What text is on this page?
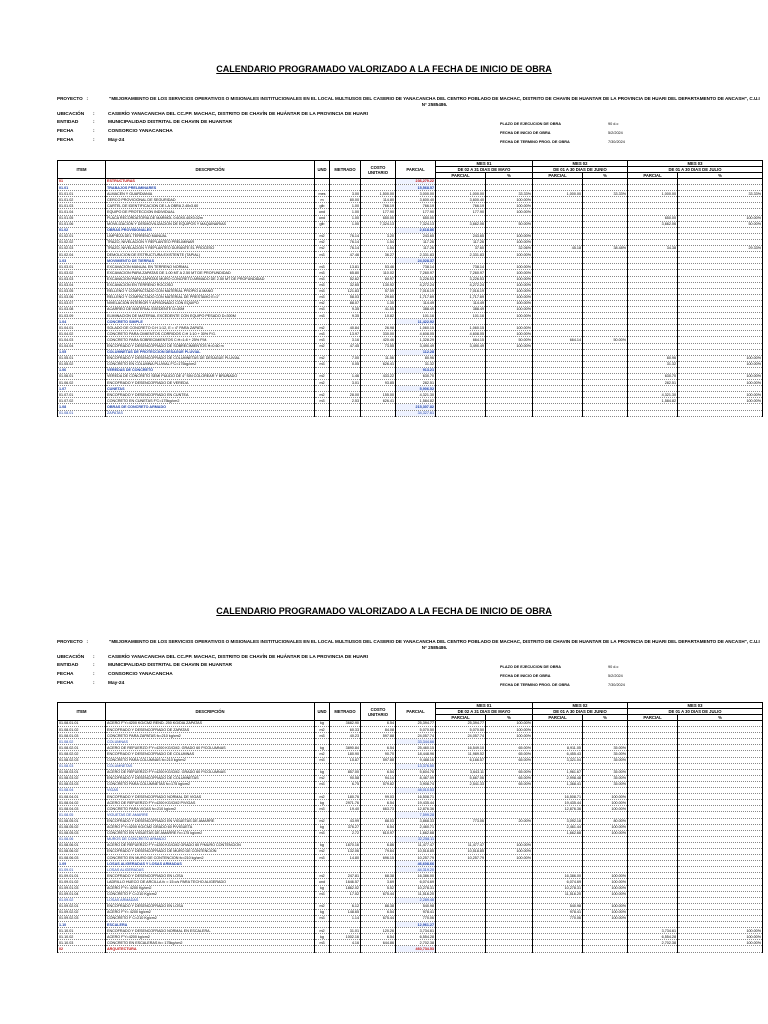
CALENDARIO PROGRAMADO VALORIZADO A LA FECHA DE INICIO DE OBRA
PROYECTO :	"MEJORAMIENTO DE LOS SERVICIOS OPERATIVOS O MISIONALES INSTITUCIONALES EN EL LOCAL MULTIUSOS DEL CASERIO DE YANACANCHA DEL CENTRO POBLADO DE MACHAC, DISTRITO DE CHAVIN DE HUANTAR DE LA PROVINCIA DE HUARI DEL DEPARTAMENTO DE ANCASH", C.U.I N° 2585486.
UBICACIÓN :	CASERÍO YANACANCHA DEL CC.PP. MACHAC, DISTRITO DE CHAVÍN DE HUÁNTAR DE LA PROVINCIA DE HUARI
ENTIDAD	:	MUNICIPALIDAD DISTRITAL DE CHAVIN DE HUANTAR
FECHA	:	CONSORCIO YANACANCHA
FECHA	:	May-24
PLAZO DE EJECUCION DE OBRA	90 d.c
FECHA DE INICIO DE OBRA	5/2/2024
FECHA DE TERMINO PROG. DE OBRA	7/30/2024
ITEM	DESCRIPCIÓN	UND	METRADO	COSTO UNITARIO	PARCIAL	MES 01		MES 02		MES 03	
						DE 02 A 31 DIAS DE MAYO		DE 01 A 30 DIAS DE JUNIO		DE 01 A 30 DIAS DE JULIO	
						PARCIAL	%	PARCIAL	%	PARCIAL	%
01	ESTRUCTURAS				236,279.22						
01.01	TRABAJOS PRELIMINARES				15,568.57						
01.01.01	ALMACEN Y GUARDIANIA	mes	3.00	1,500.00	3,000.00	1,000.00	33.33%	1,000.00	33.33%	1,000.00	33.33%
01.01.02	CERCO PROVICIONAL DE SEGURIDAD	m	80.00	114.80	3,600.40	3,600.40	100.00%				
01.01.03	CARTEL DE IDENTIFICACION DE LA OBRA 2.40x3.60	glb	1.00	766.19	766.19	766.19	100.00%				
01.01.04	EQUIPO DE PROTECCION INDIVIDUAL	und	1.00	177.90	177.90	177.90	100.00%				
01.01.05	PLACA RECORDATORIA DE MARMOL 0.60X0.40X0.02m	und	1.00	650.00	650.00					650.00	100.00%
01.01.06	MOVILIZACION Y DESMOVILIZACION DE EQUIPOS Y MAQUINARIAS	glb	1.00	7,324.13	7,324.13	3,662.06	50.00%			3,662.06	50.00%
01.02	OBRAS PROVISIONALES				2,618.86						
01.02.01	LIMPIEZA DEL TERRENO MANUAL	m2	76.14	3.20	243.65	243.65	100.00%				
01.02.02	TRAZO, NIVELACION Y REPLANTEO PRELIMINAR	m2	76.14	1.54	117.26	117.26	100.00%				
01.02.03	TRAZO, NIVELACION Y REPLANTEO DURANTE EL PROCESO	m2	76.14	1.54	117.26	37.60	32.06%	45.18	38.48%	34.38	29.33%
01.02.04	DEMOLICION DE ESTRUCTURA EXISTENTE (TAPIAL)	m3	47.46	36.27	2,331.83	2,331.83	100.00%				
1.03	MOVIMIENTO DE TIERRAS				24,028.37						
01.03.01	EXCAVACION MANUAL EN TERRENO NORMAL	m3	13.81	53.46	738.14	738.14	100.00%				
01.03.02	EXCAVACION PARA ZAPATAS DE 1.00 MT A 2.50 MT DE PROFUNDIDAD	m3	65.80	110.02	7,260.97	7,260.97	100.00%				
01.03.03	EXCAVACION PARA ZAPATAS MURO CONCRETO ARMADO DE 2.50 MT DE PROFUNDIDAD	m3	52.62	60.97	3,226.53	3,226.53	100.00%				
01.03.04	EXCAVACION EN TERRENO ROCOSO	m3	32.65	130.92	4,272.24	4,272.24	100.00%				
01.03.05	RELLENO Y COMPACTADO CON MATERIAL PROPIO A MANO	m3	121.83	57.59	7,016.19	7,016.19	100.00%				
01.03.06	RELLENO Y COMPACTADO CON MATERIAL DE PRESTAMO E=1"	m3	58.03	29.60	1,717.69	1,717.69	100.00%				
01.03.07	NIVELACION INTERIOR Y APISONADO CON EQUIPO	m2	88.07	1.30	114.49	114.49	100.00%				
01.03.08	ACARREO DE MATERIAL EXEDENTE D=30M	m3	9.35	41.55	388.49	388.49	100.00%				
01.03.09	ELIMINACION DE MATERIAL EXCEDENTE CON EQUIPO PESADO D=300M	m3	9.35	10.82	101.16	101.16	100.00%				
1.04	CONCRETO SIMPLE				11,422.92						
01.04.01	SOLADO DE CONCRETO C:H 1:12, E = 4" PARA ZAPATA	m2	40.84	26.98	1,060.15	1,060.15	100.00%				
01.04.02	CONCRETO PARA CIMIENTOS CORRIDOS C:H 1:10 + 30% P.G.	m3	13.97	330.00	4,608.05	4,608.05	100.00%				
01.04.03	CONCRETO PARA SOBRECIMIENTOS C:H=1:8 + 25% P.M.	m3	3.16	420.46	1,328.29	664.15	50.00%	664.14	50.00%		
01.04.04	ENCOFRADO Y DESENCOFRADO DE SOBRECIMIENTOS H=0.60 m	m2	47.45	73.55	3,490.49	3,490.49	100.00%				
1.05	COLUMNETAS DE PROTECCION DESAGUE PLUVIAL				112.28						
01.05.01	ENCOFRADO Y DESENCOFRADO DE COLUMNETAS DE DESAGUE PLUVIAL	m2	7.00	11.56	80.96					80.96	100.00%
01.05.02	CONCRETO EN COLUMNA PLUVIAL F'C=175kg/cm2	m3	0.05	626.41	31.32					31.32	100.00%
1.06	VEREDAS DE CONCRETO				913.21						
01.06.01	VEREDA DE CONCRETO SEMI PULIDO DE 4" SIN COLOREAR Y BRUÑADO	m2	1.46	433.22	630.70					630.70	100.00%
01.06.02	ENCOFRADO Y DESENCOFRADO DE VEREDA	m2	3.01	93.85	282.51					282.51	100.00%
1.07	CUNETAS				5,906.52						
01.07.01	ENCOFRADO Y DESENCOFRADO EN CUNTEA	m2	28.00	155.00	4,321.30					4,321.30	100.00%
01.07.02	CONCRETO EN CUNETAS F'C=175kg/cm2	m3	2.53	626.41	1,584.82					1,584.82	100.00%
1.08	OBRAS DE CONCRETO ARMADO				215,307.82						
01.08.01	ZAPATAS				34,327.61						
CALENDARIO PROGRAMADO VALORIZADO A LA FECHA DE INICIO DE OBRA
PROYECTO :	"MEJORAMIENTO DE LOS SERVICIOS OPERATIVOS O MISIONALES INSTITUCIONALES EN EL LOCAL MULTIUSOS DEL CASERIO DE YANACANCHA DEL CENTRO POBLADO DE MACHAC, DISTRITO DE CHAVIN DE HUANTAR DE LA PROVINCIA DE HUARI DEL DEPARTAMENTO DE ANCASH", C.U.I N° 2585486.
UBICACIÓN :	CASERÍO YANACANCHA DEL CC.PP. MACHAC, DISTRITO DE CHAVÍN DE HUÁNTAR DE LA PROVINCIA DE HUARI
ENTIDAD	:	MUNICIPALIDAD DISTRITAL DE CHAVIN DE HUANTAR
FECHA	:	CONSORCIO YANACANCHA
FECHA	:	May-24
PLAZO DE EJECUCION DE OBRA	90 d.c
FECHA DE INICIO DE OBRA	5/2/2024
FECHA DE TERMINO PROG. DE OBRA	7/30/2024
ITEM	DESCRIPCIÓN	UND	METRADO	COSTO UNITARIO	PARCIAL	MES 01		MES 02		MES 03	
						DE 02 A 31 DIAS DE MAYO		DE 01 A 30 DIAS DE JUNIO		DE 01 A 30 DIAS DE JULIO	
						PARCIAL	%	PARCIAL	%	PARCIAL	%
01.08.01.01	ACERO F'Y=4200 KG/CM2 REND. 250 KG/DIA ZAPATAS	kg	3682.90	6.54	25,394.77	25,394.77	100.00%				
01.08.01.02	ENCOFRADO Y DESENCOFRADO DE ZAPATAS	m2	60.33	84.08	5,070.50	5,070.50	100.00%				
01.08.01.03	CONCRETO PARA ZAPATAS fc=210 kg/cm2	m3	40.23	597.88	24,057.74	24,057.74	100.00%				
01.08.02	COLUMNAS				33,344.66						
01.08.02.01	ACERO DE REFUERZO F'Y=4200 KG/CM2. GRADO 60 P/COLUMNAS	kg	3890.84	6.54	25,460.15	16,549.10	65.00%	8,911.05	35.00%		
01.08.02.02	ENCOFRADO Y DESENCOFRADO DE COLUMNAS	m2	180.90	90.70	18,448.96	11,989.52	65.00%	6,455.43	35.00%		
01.08.02.03	CONCRETO PARA COLUMNAS fc=210 kg/cm2	m3	15.87	597.88	9,488.16	6,166.57	65.00%	3,321.04	35.00%		
01.08.03	COLUMNETAS				13,376.50						
01.08.03.01	ACERO DE REFUERZO F'Y=4200 KG/CM2. GRADO 60 P/COLUMNAS	kg	857.00	6.54	5,604.78	3,643.11	65.00%	1,961.67	35.00%		
01.08.03.02	ENCOFRADO Y DESENCOFRADO DE COLUMNETAS	m2	90.58	94.14	8,467.09	5,667.06	65.00%	2,998.48	35.00%		
01.08.03.03	CONCRETO PARA COLUMNETAS fc=175 kg/cm2	m3	6.75	579.82	3,908.74	2,541.33	65.00%	1,368.41	35.00%		
01.08.04	VIGAS				48,010.53						
01.08.04.01	ENCOFRADO Y DESENCOFRADO NORMAL DE VIGAS	m2	180.76	99.03	16,508.71			16,508.71	100.00%		
01.08.04.02	ACERO DE REFUERZO F'Y=4200 KG/CM2 P/VIGAS	kg	2971.76	6.54	19,435.44			19,435.44	100.00%		
01.08.04.03	CONCRETO PARA VIGAS fc=210 kg/cm2	m3	19.40	663.73	12,876.36			12,876.36	100.00%		
01.08.05	VIGUETAS DE AMARRE				7,599.28						
01.08.05.01	ENCOFRADO Y DESENCOFRADO EN VIGUETAS DE AMARRE	m2	43.99	88.03	3,868.33	773.06	20.00%	3,092.18	80.00%		
01.08.05.02	ACERO F'Y=4200 KG/CM2 GRADO 60 P/VIGUETA	kg	376.27	6.54	2,460.71			2,461.44	100.00%		
01.08.05.03	CONCRETO EN VIGUETAS DE AMARRE f'c=175 kg/cm2	m3	2.72	610.97	1,662.68			1,662.68	100.00%		
01.08.06	MUROS DE CONCRETO ARMADO				32,258.11						
01.08.06.01	ACERO DE REFUERZO F'Y=4200 KG/CM2 GRADO 60 P/MURO CONTENCION	kg	1670.16	6.86	11,477.47	11,477.47	100.00%				
01.08.06.02	ENCOFRADO Y DESENCOFRADO DE MURO DE CONTENCION	m2	132.06	79.64	10,518.85	10,518.85	100.00%				
01.08.06.03	CONCRETO EN MURO DE CONTENCION fc=210 kg/cm2	m3	14.80	696.15	10,257.79	10,257.79	100.00%				
1.09	LOSAS ALIGERADAS Y LOSAS ARMADAS				46,608.66						
01.09.01	LOSAS ALIGERADAS				44,319.20						
01.09.01.01	ENCOFRADO Y DESENCOFRADO EN LOSA	m2	247.81	68.38	16,386.00			16,386.00	100.00%		
01.09.01.02	LADRILLO HUECO DE ARCILLA fc = 15 c/s PARA TECHO ALIGERADO	und	1646.57	3.69	6,074.69			6,074.69	100.00%		
01.09.01.03	ACERO F'Y= 4200 Kg/cm2	kg	1862.02	5.52	10,278.31			10,278.31	100.00%		
01.09.01.04	CONCRETO F C=210 Kg/cm2	m3	17.02	675.44	11,516.20			11,516.20	100.00%		
01.09.02	LOSAS ARMADAS				2,289.46						
01.09.02.01	ENCOFRADO Y DESENCOFRADO EN LOSA	m2	6.12	88.38	540.98			540.98	100.00%		
01.09.02.02	ACERO F'Y= 4200 kg/cm2	kg	148.65	6.54	978.41			978.41	100.00%		
01.09.02.03	CONCRETO F C=210 Kg/cm2	m3	1.14	675.44	770.06			770.06	100.00%		
1.10	ESCALERA				12,961.27						
01.10.01	ENCOFRADO Y DESENCOFRADO NORMAL EN ESCALERA.	m2	31.01	120.26	3,734.61					3,734.61	100.00%
01.10.02	ACERO F'Y=4200 kg/cm2	kg	1002.16	6.54	6,554.28					6,554.28	100.00%
01.10.03	CONCRETO EN ESCALERAS fc= 175kg/cm2	m3	4.16	644.86	2,702.38					2,702.38	100.00%
02	ARQUITECTURA				460,734.53						
